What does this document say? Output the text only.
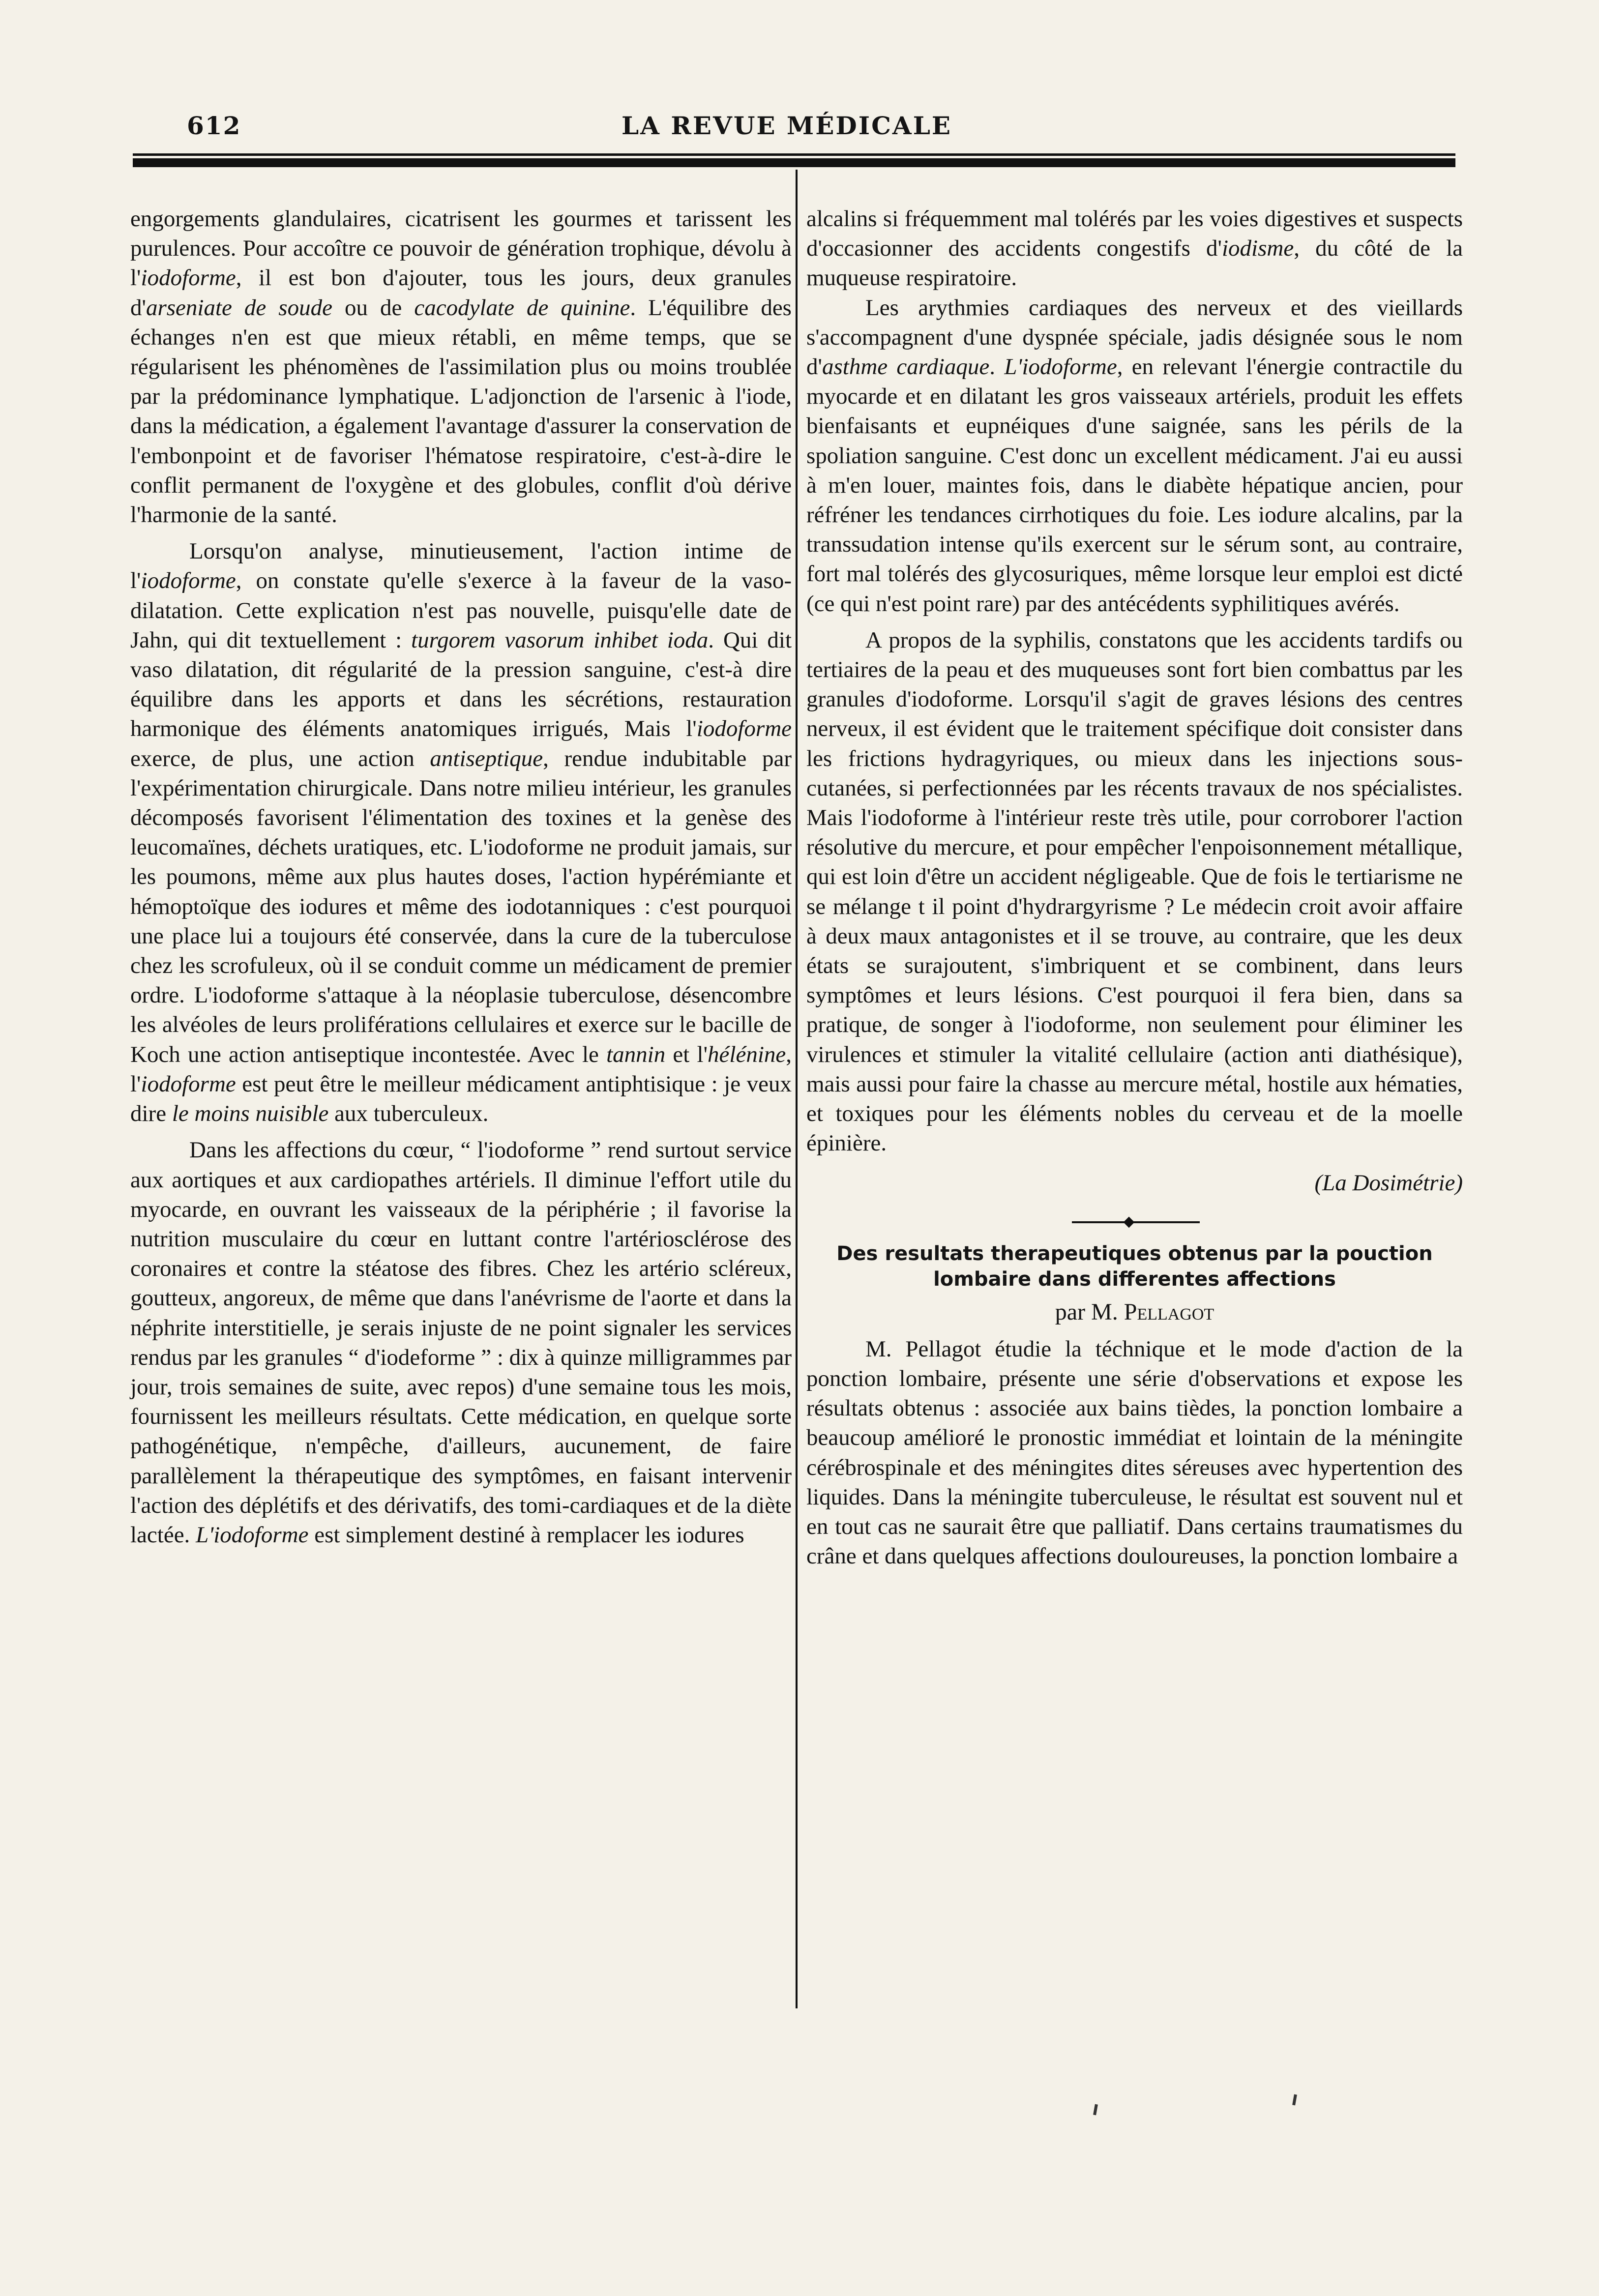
612	LA REVUE MÉDICALE

engorgements glandulaires, cicatrisent les gourmes et tarissent les purulences. Pour accoître ce pouvoir de génération trophique, dévolu à l'iodoforme, il est bon d'ajouter, tous les jours, deux granules d'arseniate de soude ou de cacodylate de quinine. L'équilibre des échanges n'en est que mieux rétabli, en même temps, que se régularisent les phénomènes de l'assimilation plus ou moins troublée par la prédominance lymphatique. L'adjonction de l'arsenic à l'iode, dans la médication, a également l'avantage d'assurer la conservation de l'embonpoint et de favoriser l'hématose respiratoire, c'est-à-dire le conflit permanent de l'oxygène et des globules, conflit d'où dérive l'harmonie de la santé.

Lorsqu'on analyse, minutieusement, l'action intime de l'iodoforme, on constate qu'elle s'exerce à la faveur de la vaso-dilatation. Cette explication n'est pas nouvelle, puisqu'elle date de Jahn, qui dit textuellement : turgorem vasorum inhibet ioda. Qui dit vaso dilatation, dit régularité de la pression sanguine, c'est-à dire équilibre dans les apports et dans les sécrétions, restauration harmonique des éléments anatomiques irrigués, Mais l'iodoforme exerce, de plus, une action antiseptique, rendue indubitable par l'expérimentation chirurgicale. Dans notre milieu intérieur, les granules décomposés favorisent l'élimentation des toxines et la genèse des leucomaïnes, déchets uratiques, etc. L'iodoforme ne produit jamais, sur les poumons, même aux plus hautes doses, l'action hypérémiante et hémoptoïque des iodures et même des iodotanniques : c'est pourquoi une place lui a toujours été conservée, dans la cure de la tuberculose chez les scrofuleux, où il se conduit comme un médicament de premier ordre. L'iodoforme s'attaque à la néoplasie tuberculose, désencombre les alvéoles de leurs proliférations cellulaires et exerce sur le bacille de Koch une action antiseptique incontestée. Avec le tannin et l'hélénine, l'iodoforme est peut être le meilleur médicament antiphtisique : je veux dire le moins nuisible aux tuberculeux.

Dans les affections du cœur, “ l'iodoforme ” rend surtout service aux aortiques et aux cardiopathes artériels. Il diminue l'effort utile du myocarde, en ouvrant les vaisseaux de la périphérie ; il favorise la nutrition musculaire du cœur en luttant contre l'artériosclérose des coronaires et contre la stéatose des fibres. Chez les artério scléreux, goutteux, angoreux, de même que dans l'anévrisme de l'aorte et dans la néphrite interstitielle, je serais injuste de ne point signaler les services rendus par les granules “ d'iodeforme ” : dix à quinze milligrammes par jour, trois semaines de suite, avec repos) d'une semaine tous les mois, fournissent les meilleurs résultats. Cette médication, en quelque sorte pathogénétique, n'empêche, d'ailleurs, aucunement, de faire parallèlement la thérapeutique des symptômes, en faisant intervenir l'action des déplétifs et des dérivatifs, des tomi-cardiaques et de la diète lactée. L'iodoforme est simplement destiné à remplacer les iodures

alcalins si fréquemment mal tolérés par les voies digestives et suspects d'occasionner des accidents congestifs d'iodisme, du côté de la muqueuse respiratoire.

Les arythmies cardiaques des nerveux et des vieillards s'accompagnent d'une dyspnée spéciale, jadis désignée sous le nom d'asthme cardiaque. L'iodoforme, en relevant l'énergie contractile du myocarde et en dilatant les gros vaisseaux artériels, produit les effets bienfaisants et eupnéiques d'une saignée, sans les périls de la spoliation sanguine. C'est donc un excellent médicament. J'ai eu aussi à m'en louer, maintes fois, dans le diabète hépatique ancien, pour réfréner les tendances cirrhotiques du foie. Les iodure alcalins, par la transsudation intense qu'ils exercent sur le sérum sont, au contraire, fort mal tolérés des glycosuriques, même lorsque leur emploi est dicté (ce qui n'est point rare) par des antécédents syphilitiques avérés.

A propos de la syphilis, constatons que les accidents tardifs ou tertiaires de la peau et des muqueuses sont fort bien combattus par les granules d'iodoforme. Lorsqu'il s'agit de graves lésions des centres nerveux, il est évident que le traitement spécifique doit consister dans les frictions hydragyriques, ou mieux dans les injections sous-cutanées, si perfectionnées par les récents travaux de nos spécialistes. Mais l'iodoforme à l'intérieur reste très utile, pour corroborer l'action résolutive du mercure, et pour empêcher l'enpoisonnement métallique, qui est loin d'être un accident négligeable. Que de fois le tertiarisme ne se mélange t il point d'hydrargyrisme ? Le médecin croit avoir affaire à deux maux antagonistes et il se trouve, au contraire, que les deux états se surajoutent, s'imbriquent et se combinent, dans leurs symptômes et leurs lésions. C'est pourquoi il fera bien, dans sa pratique, de songer à l'iodoforme, non seulement pour éliminer les virulences et stimuler la vitalité cellulaire (action anti diathésique), mais aussi pour faire la chasse au mercure métal, hostile aux hématies, et toxiques pour les éléments nobles du cerveau et de la moelle épinière.

(La Dosimétrie)

Des resultats therapeutiques obtenus par la pouction
lombaire dans differentes affections

par M. Pellagot

M. Pellagot étudie la téchnique et le mode d'action de la ponction lombaire, présente une série d'observations et expose les résultats obtenus : associée aux bains tièdes, la ponction lombaire a beaucoup amélioré le pronostic immédiat et lointain de la méningite cérébrospinale et des méningites dites séreuses avec hypertention des liquides. Dans la méningite tuberculeuse, le résultat est souvent nul et en tout cas ne saurait être que palliatif. Dans certains traumatismes du crâne et dans quelques affections douloureuses, la ponction lombaire a
